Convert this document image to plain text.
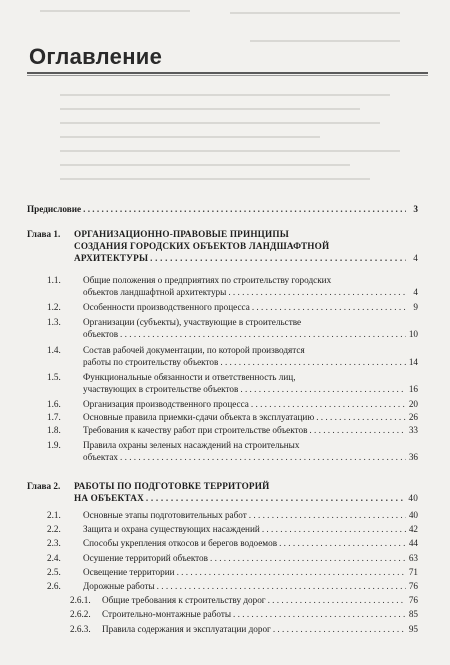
Оглавление
Предисловие . . .	3
Глава 1. ОРГАНИЗАЦИОННО-ПРАВОВЫЕ ПРИНЦИПЫ
СОЗДАНИЯ ГОРОДСКИХ ОБЪЕКТОВ ЛАНДШАФТНОЙ
АРХИТЕКТУРЫ . . .	4
1.1. Общие положения о предприятиях по строительству городских
объектов ландшафтной архитектуры . . .	4
1.2. Особенности производственного процесса . . .	9
1.3. Организации (субъекты), участвующие в строительстве
объектов . . .	10
1.4. Состав рабочей документации, по которой производятся
работы по строительству объектов . . .	14
1.5. Функциональные обязанности и ответственность лиц,
участвующих в строительстве объектов . . .	16
1.6. Организация производственного процесса . . .	20
1.7. Основные правила приемки-сдачи объекта в эксплуатацию . . .	26
1.8. Требования к качеству работ при строительстве объектов . . .	33
1.9. Правила охраны зеленых насаждений на строительных
объектах . . .	36
Глава 2. РАБОТЫ ПО ПОДГОТОВКЕ ТЕРРИТОРИЙ
НА ОБЪЕКТАХ . . .	40
2.1. Основные этапы подготовительных работ . . .	40
2.2. Защита и охрана существующих насаждений . . .	42
2.3. Способы укрепления откосов и берегов водоемов . . .	44
2.4. Осушение территорий объектов . . .	63
2.5. Освещение территории . . .	71
2.6. Дорожные работы . . .	76
2.6.1. Общие требования к строительству дорог . . .	76
2.6.2. Строительно-монтажные работы . . .	85
2.6.3. Правила содержания и эксплуатации дорог . . .	95
